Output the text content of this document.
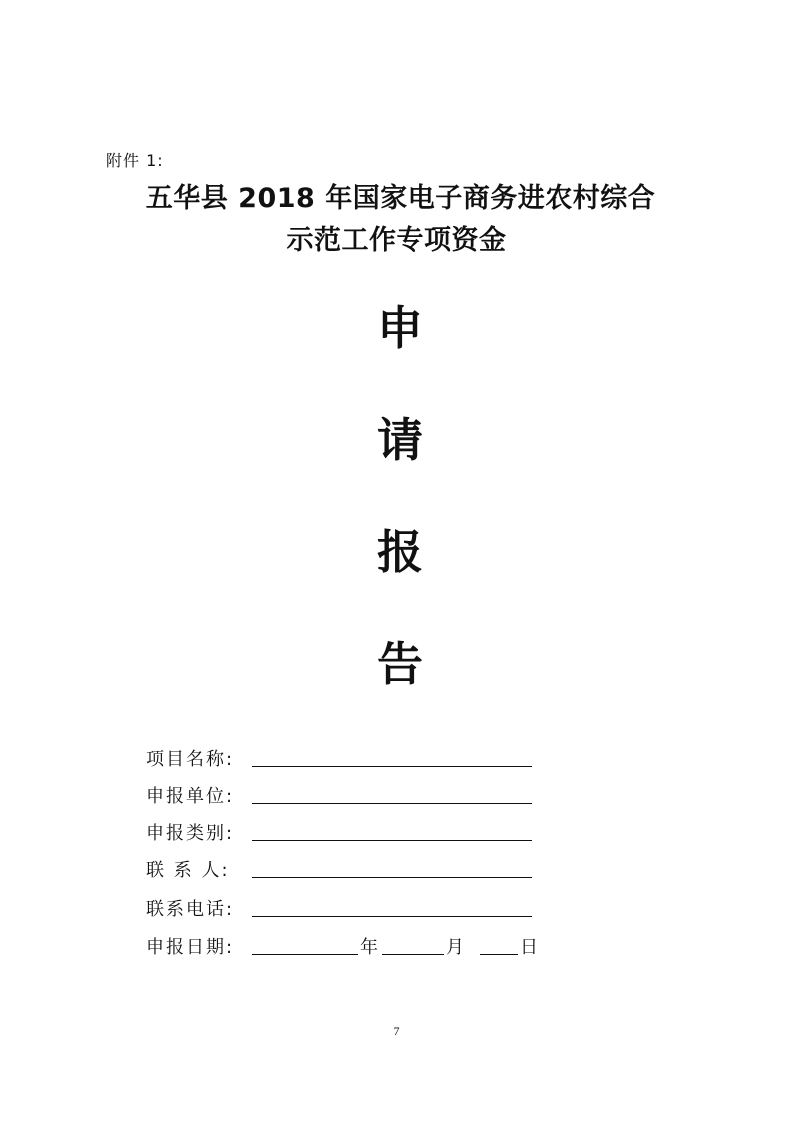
附件 1:
五华县 2018 年国家电子商务进农村综合
示范工作专项资金
申
请
报
告
项目名称:
申报单位:
申报类别:
联 系 人:
联系电话:
申报日期:	年	月	日
7
